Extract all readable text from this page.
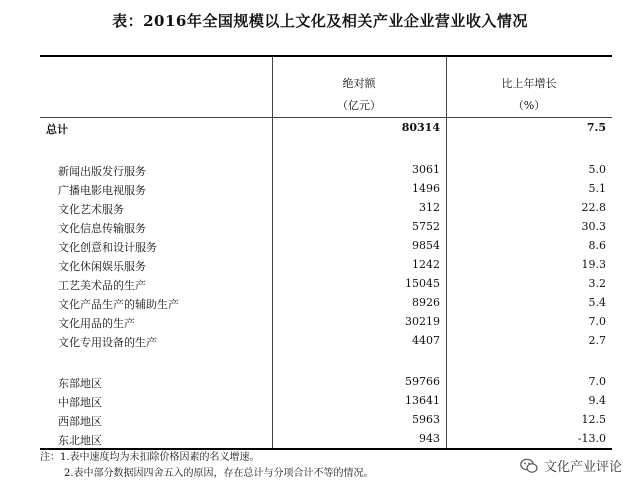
表：2016年全国规模以上文化及相关产业企业营业收入情况
绝对额
（亿元）
比上年增长
（%）
总计	80314	7.5
新闻出版发行服务	3061	5.0
广播电影电视服务	1496	5.1
文化艺术服务	312	22.8
文化信息传输服务	5752	30.3
文化创意和设计服务	9854	8.6
文化休闲娱乐服务	1242	19.3
工艺美术品的生产	15045	3.2
文化产品生产的辅助生产	8926	5.4
文化用品的生产	30219	7.0
文化专用设备的生产	4407	2.7
东部地区	59766	7.0
中部地区	13641	9.4
西部地区	5963	12.5
东北地区	943	-13.0
注：1.表中速度均为未扣除价格因素的名义增速。
2.表中部分数据因四舍五入的原因，存在总计与分项合计不等的情况。	文化产业评论
